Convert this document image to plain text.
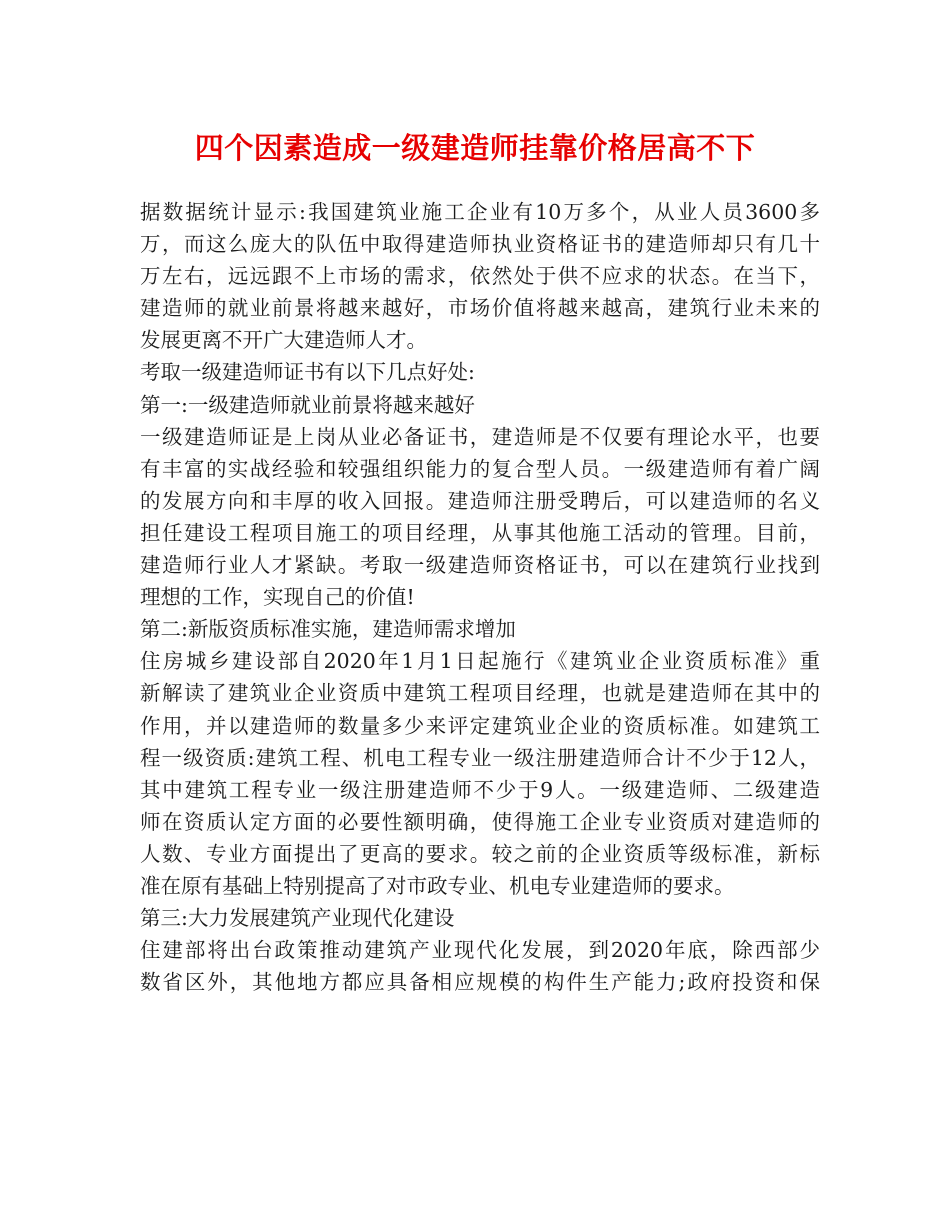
四个因素造成一级建造师挂靠价格居高不下
据数据统计显示:我国建筑业施工企业有10万多个，从业人员3600多
万，而这么庞大的队伍中取得建造师执业资格证书的建造师却只有几十
万左右，远远跟不上市场的需求，依然处于供不应求的状态。在当下，
建造师的就业前景将越来越好，市场价值将越来越高，建筑行业未来的
发展更离不开广大建造师人才。
考取一级建造师证书有以下几点好处:
第一:一级建造师就业前景将越来越好
一级建造师证是上岗从业必备证书，建造师是不仅要有理论水平，也要
有丰富的实战经验和较强组织能力的复合型人员。一级建造师有着广阔
的发展方向和丰厚的收入回报。建造师注册受聘后，可以建造师的名义
担任建设工程项目施工的项目经理，从事其他施工活动的管理。目前，
建造师行业人才紧缺。考取一级建造师资格证书，可以在建筑行业找到
理想的工作，实现自己的价值!
第二:新版资质标准实施，建造师需求增加
住房城乡建设部自2020年1月1日起施行《建筑业企业资质标准》重
新解读了建筑业企业资质中建筑工程项目经理，也就是建造师在其中的
作用，并以建造师的数量多少来评定建筑业企业的资质标准。如建筑工
程一级资质:建筑工程、机电工程专业一级注册建造师合计不少于12人，
其中建筑工程专业一级注册建造师不少于9人。一级建造师、二级建造
师在资质认定方面的必要性额明确，使得施工企业专业资质对建造师的
人数、专业方面提出了更高的要求。较之前的企业资质等级标准，新标
准在原有基础上特别提高了对市政专业、机电专业建造师的要求。
第三:大力发展建筑产业现代化建设
住建部将出台政策推动建筑产业现代化发展，到2020年底，除西部少
数省区外，其他地方都应具备相应规模的构件生产能力;政府投资和保
